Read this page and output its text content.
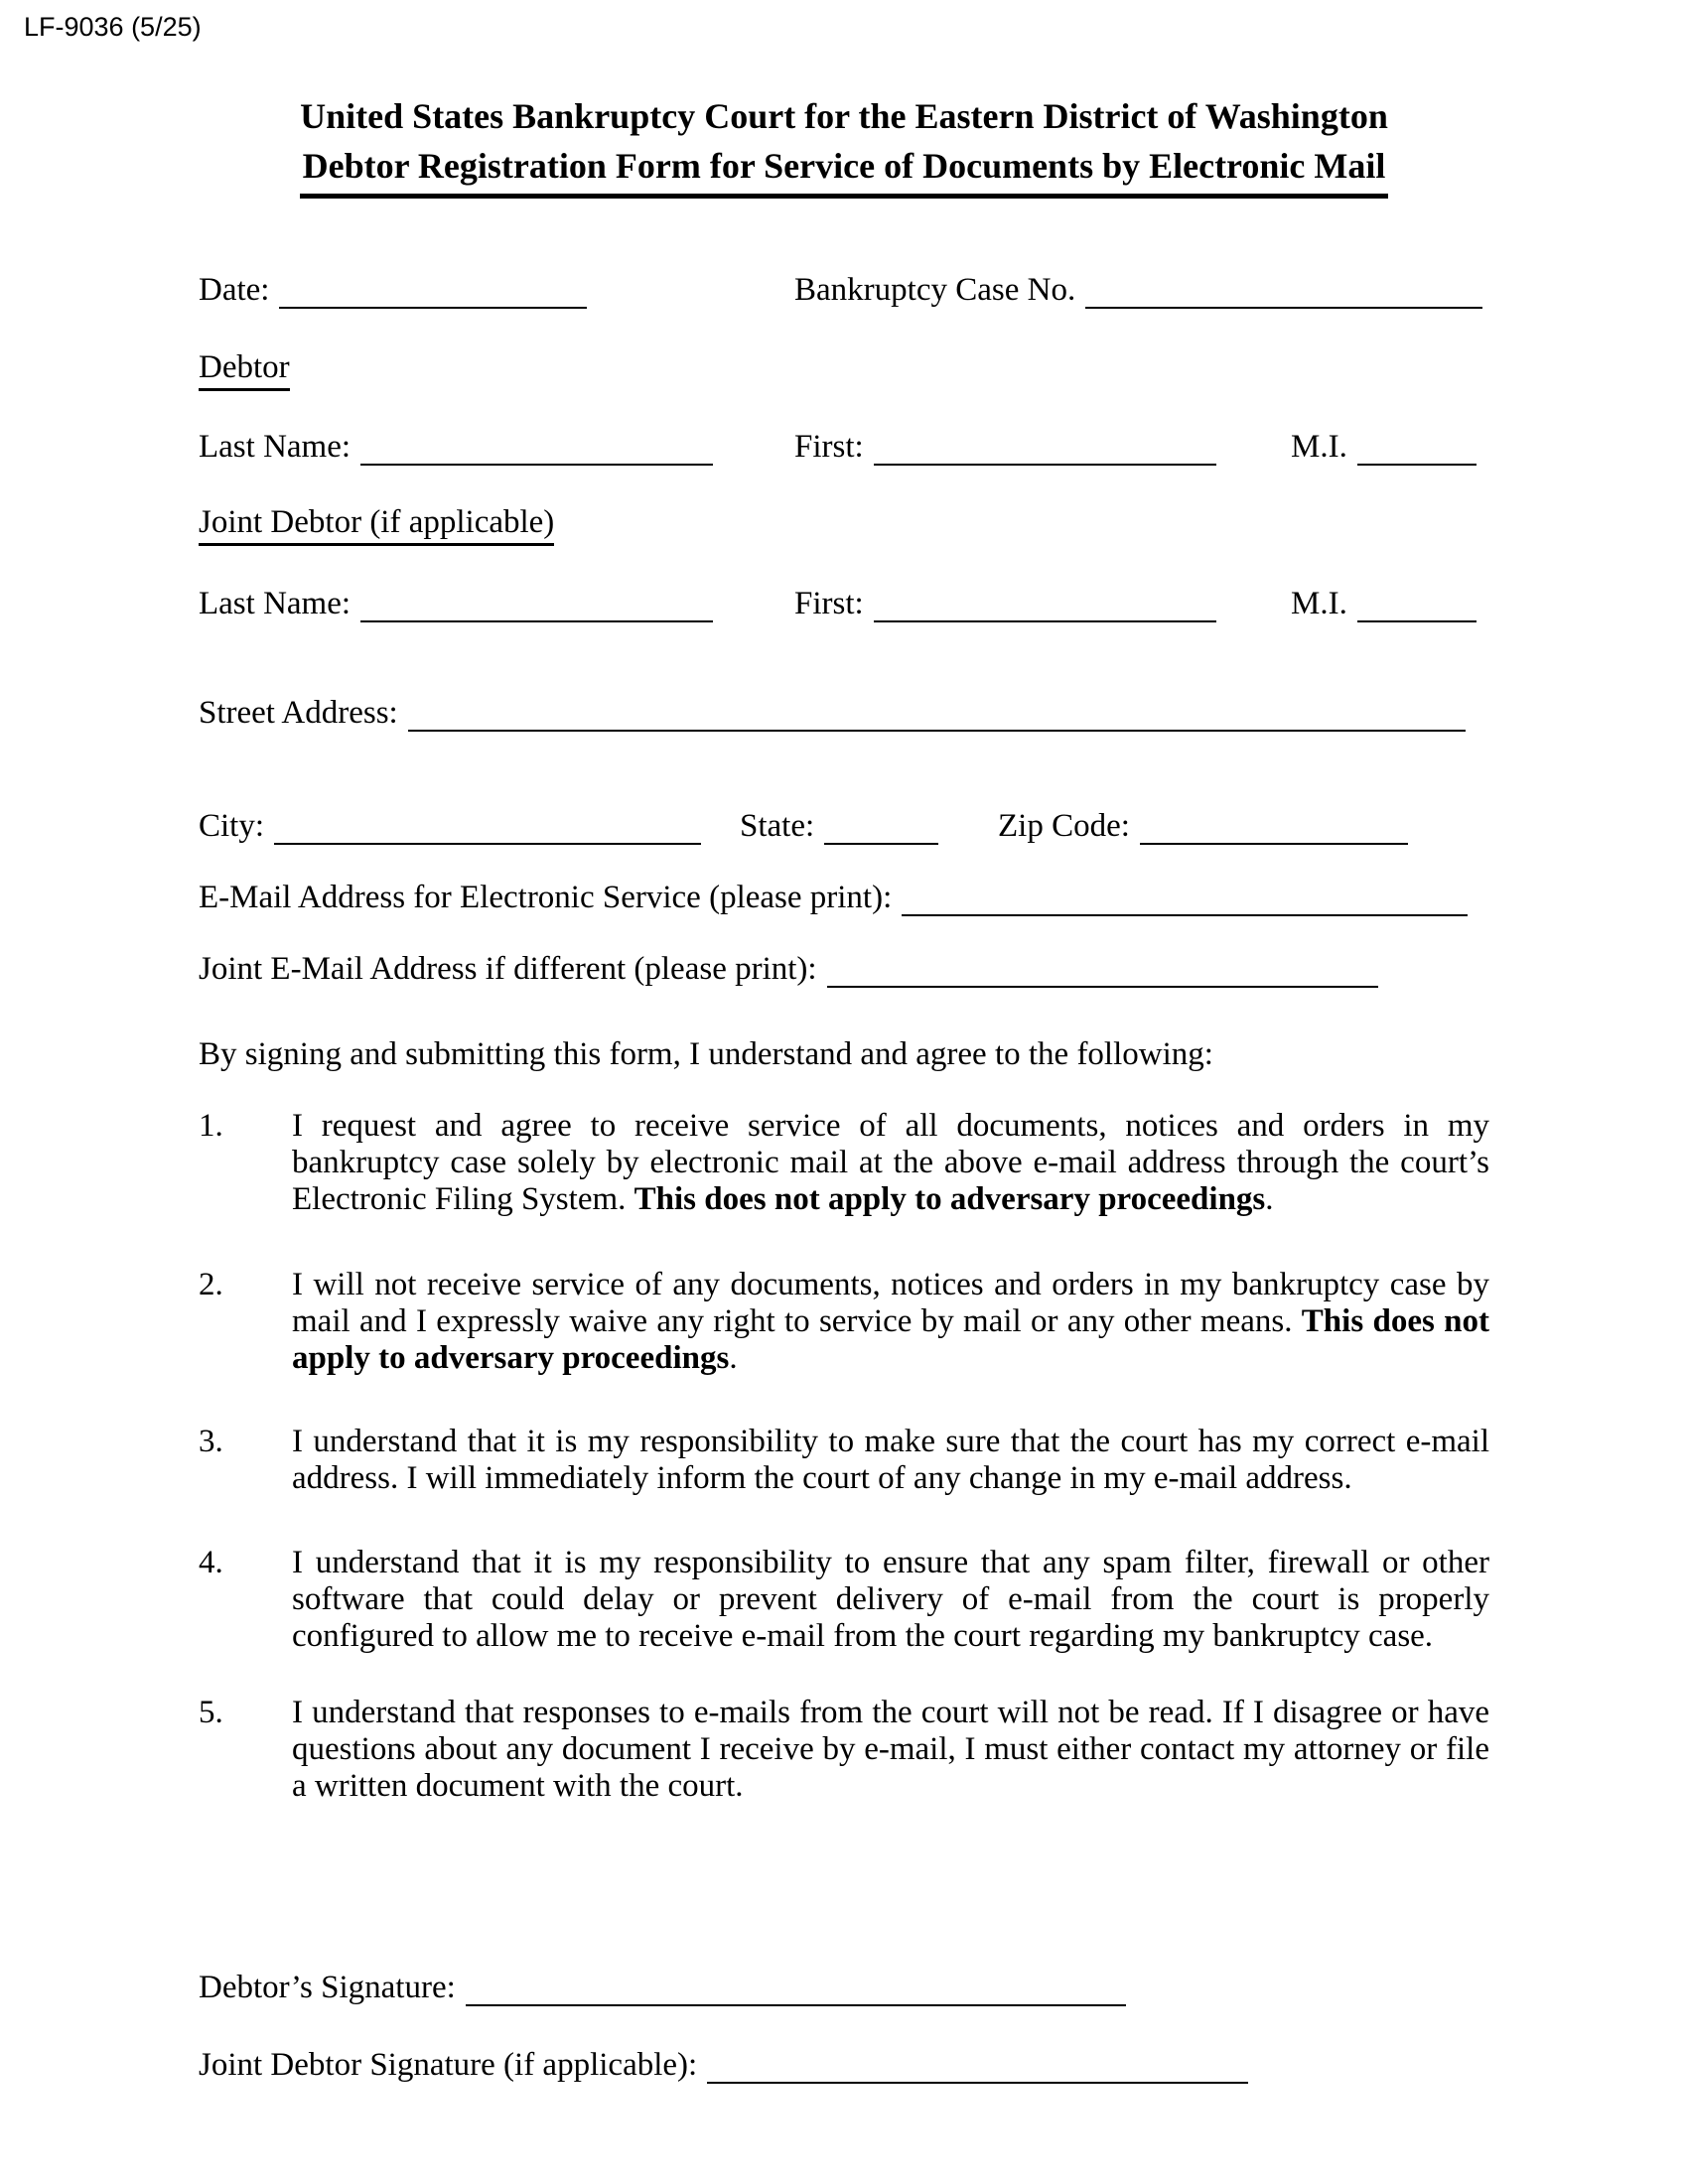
LF-9036 (5/25)
United States Bankruptcy Court for the Eastern District of Washington
Debtor Registration Form for Service of Documents by Electronic Mail
Date:	Bankruptcy Case No.
Debtor
Last Name:	First:	M.I.
Joint Debtor (if applicable)
Last Name:	First:	M.I.
Street Address:
City:	State:	Zip Code:
E-Mail Address for Electronic Service (please print):
Joint E-Mail Address if different (please print):
By signing and submitting this form, I understand and agree to the following:
1. I request and agree to receive service of all documents, notices and orders in my bankruptcy case solely by electronic mail at the above e-mail address through the court’s Electronic Filing System. This does not apply to adversary proceedings.

2. I will not receive service of any documents, notices and orders in my bankruptcy case by mail and I expressly waive any right to service by mail or any other means. This does not apply to adversary proceedings.

3. I understand that it is my responsibility to make sure that the court has my correct e-mail address. I will immediately inform the court of any change in my e-mail address.

4. I understand that it is my responsibility to ensure that any spam filter, firewall or other software that could delay or prevent delivery of e-mail from the court is properly configured to allow me to receive e-mail from the court regarding my bankruptcy case.

5. I understand that responses to e-mails from the court will not be read. If I disagree or have questions about any document I receive by e-mail, I must either contact my attorney or file a written document with the court.

Debtor’s Signature:
Joint Debtor Signature (if applicable):
